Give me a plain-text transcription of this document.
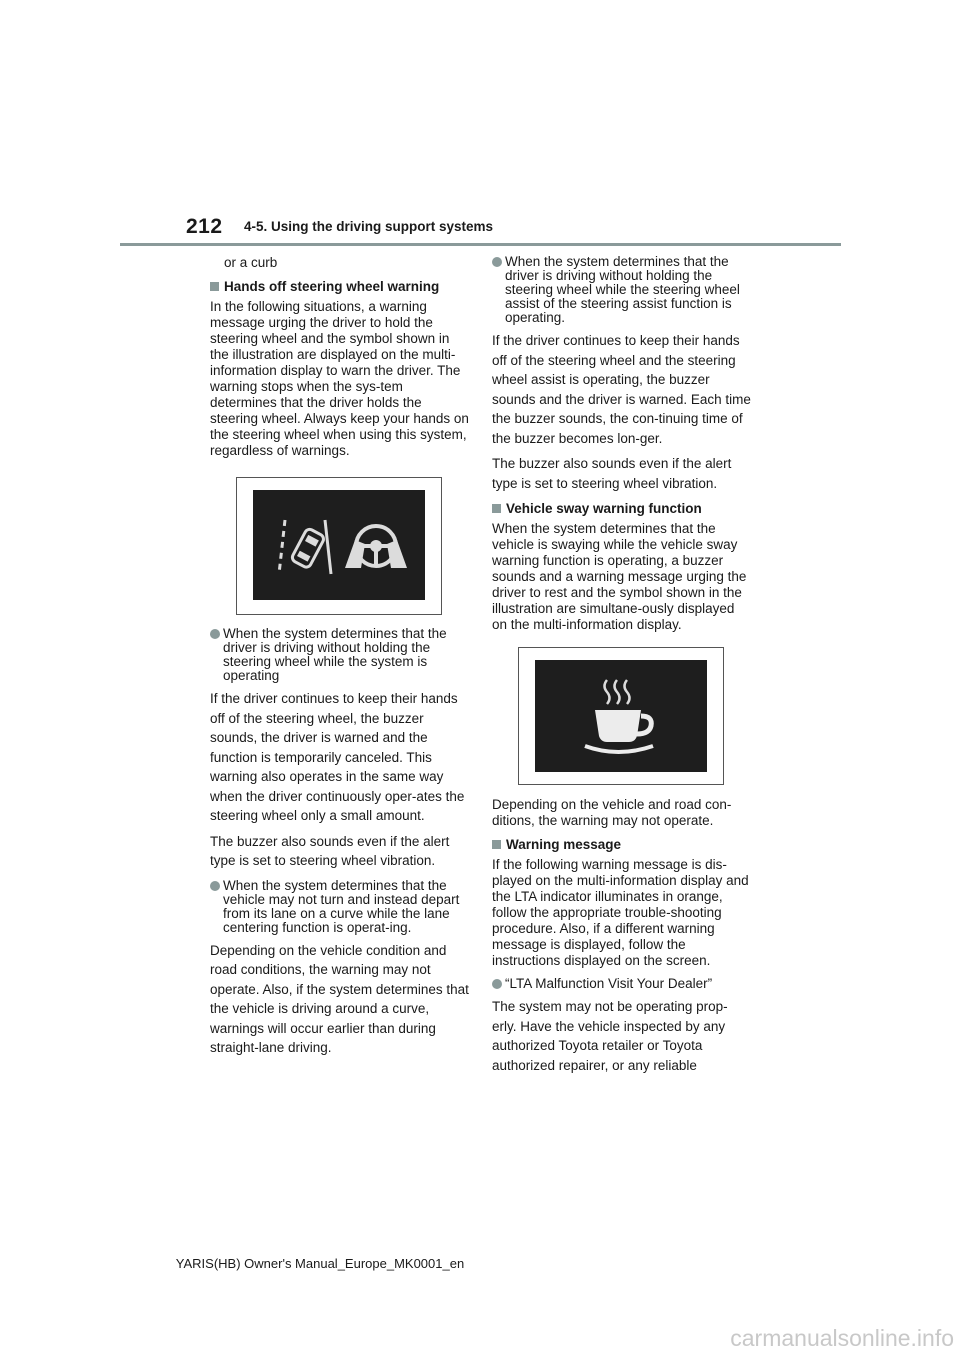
212 4-5. Using the driving support systems

or a curb

Hands off steering wheel warning

In the following situations, a warning message urging the driver to hold the steering wheel and the symbol shown in the illustration are displayed on the multi-information display to warn the driver. The warning stops when the sys-tem determines that the driver holds the steering wheel. Always keep your hands on the steering wheel when using this system, regardless of warnings.

When the system determines that the driver is driving without holding the steering wheel while the system is operating

If the driver continues to keep their hands off of the steering wheel, the buzzer sounds, the driver is warned and the function is temporarily canceled. This warning also operates in the same way when the driver continuously oper-ates the steering wheel only a small amount.

The buzzer also sounds even if the alert type is set to steering wheel vibration.

When the system determines that the vehicle may not turn and instead depart from its lane on a curve while the lane centering function is operat-ing.

Depending on the vehicle condition and road conditions, the warning may not operate. Also, if the system determines that the vehicle is driving around a curve, warnings will occur earlier than during straight-lane driving.

When the system determines that the driver is driving without holding the steering wheel while the steering wheel assist of the steering assist function is operating.

If the driver continues to keep their hands off of the steering wheel and the steering wheel assist is operating, the buzzer sounds and the driver is warned. Each time the buzzer sounds, the con-tinuing time of the buzzer becomes lon-ger.

The buzzer also sounds even if the alert type is set to steering wheel vibration.

Vehicle sway warning function

When the system determines that the vehicle is swaying while the vehicle sway warning function is operating, a buzzer sounds and a warning message urging the driver to rest and the symbol shown in the illustration are simultane-ously displayed on the multi-information display.

Depending on the vehicle and road con-ditions, the warning may not operate.

Warning message

If the following warning message is dis-played on the multi-information display and the LTA indicator illuminates in orange, follow the appropriate trouble-shooting procedure. Also, if a different warning message is displayed, follow the instructions displayed on the screen.

“LTA Malfunction Visit Your Dealer”

The system may not be operating prop-erly. Have the vehicle inspected by any authorized Toyota retailer or Toyota authorized repairer, or any reliable

YARIS(HB) Owner's Manual_Europe_MK0001_en
carmanualsonline.info
